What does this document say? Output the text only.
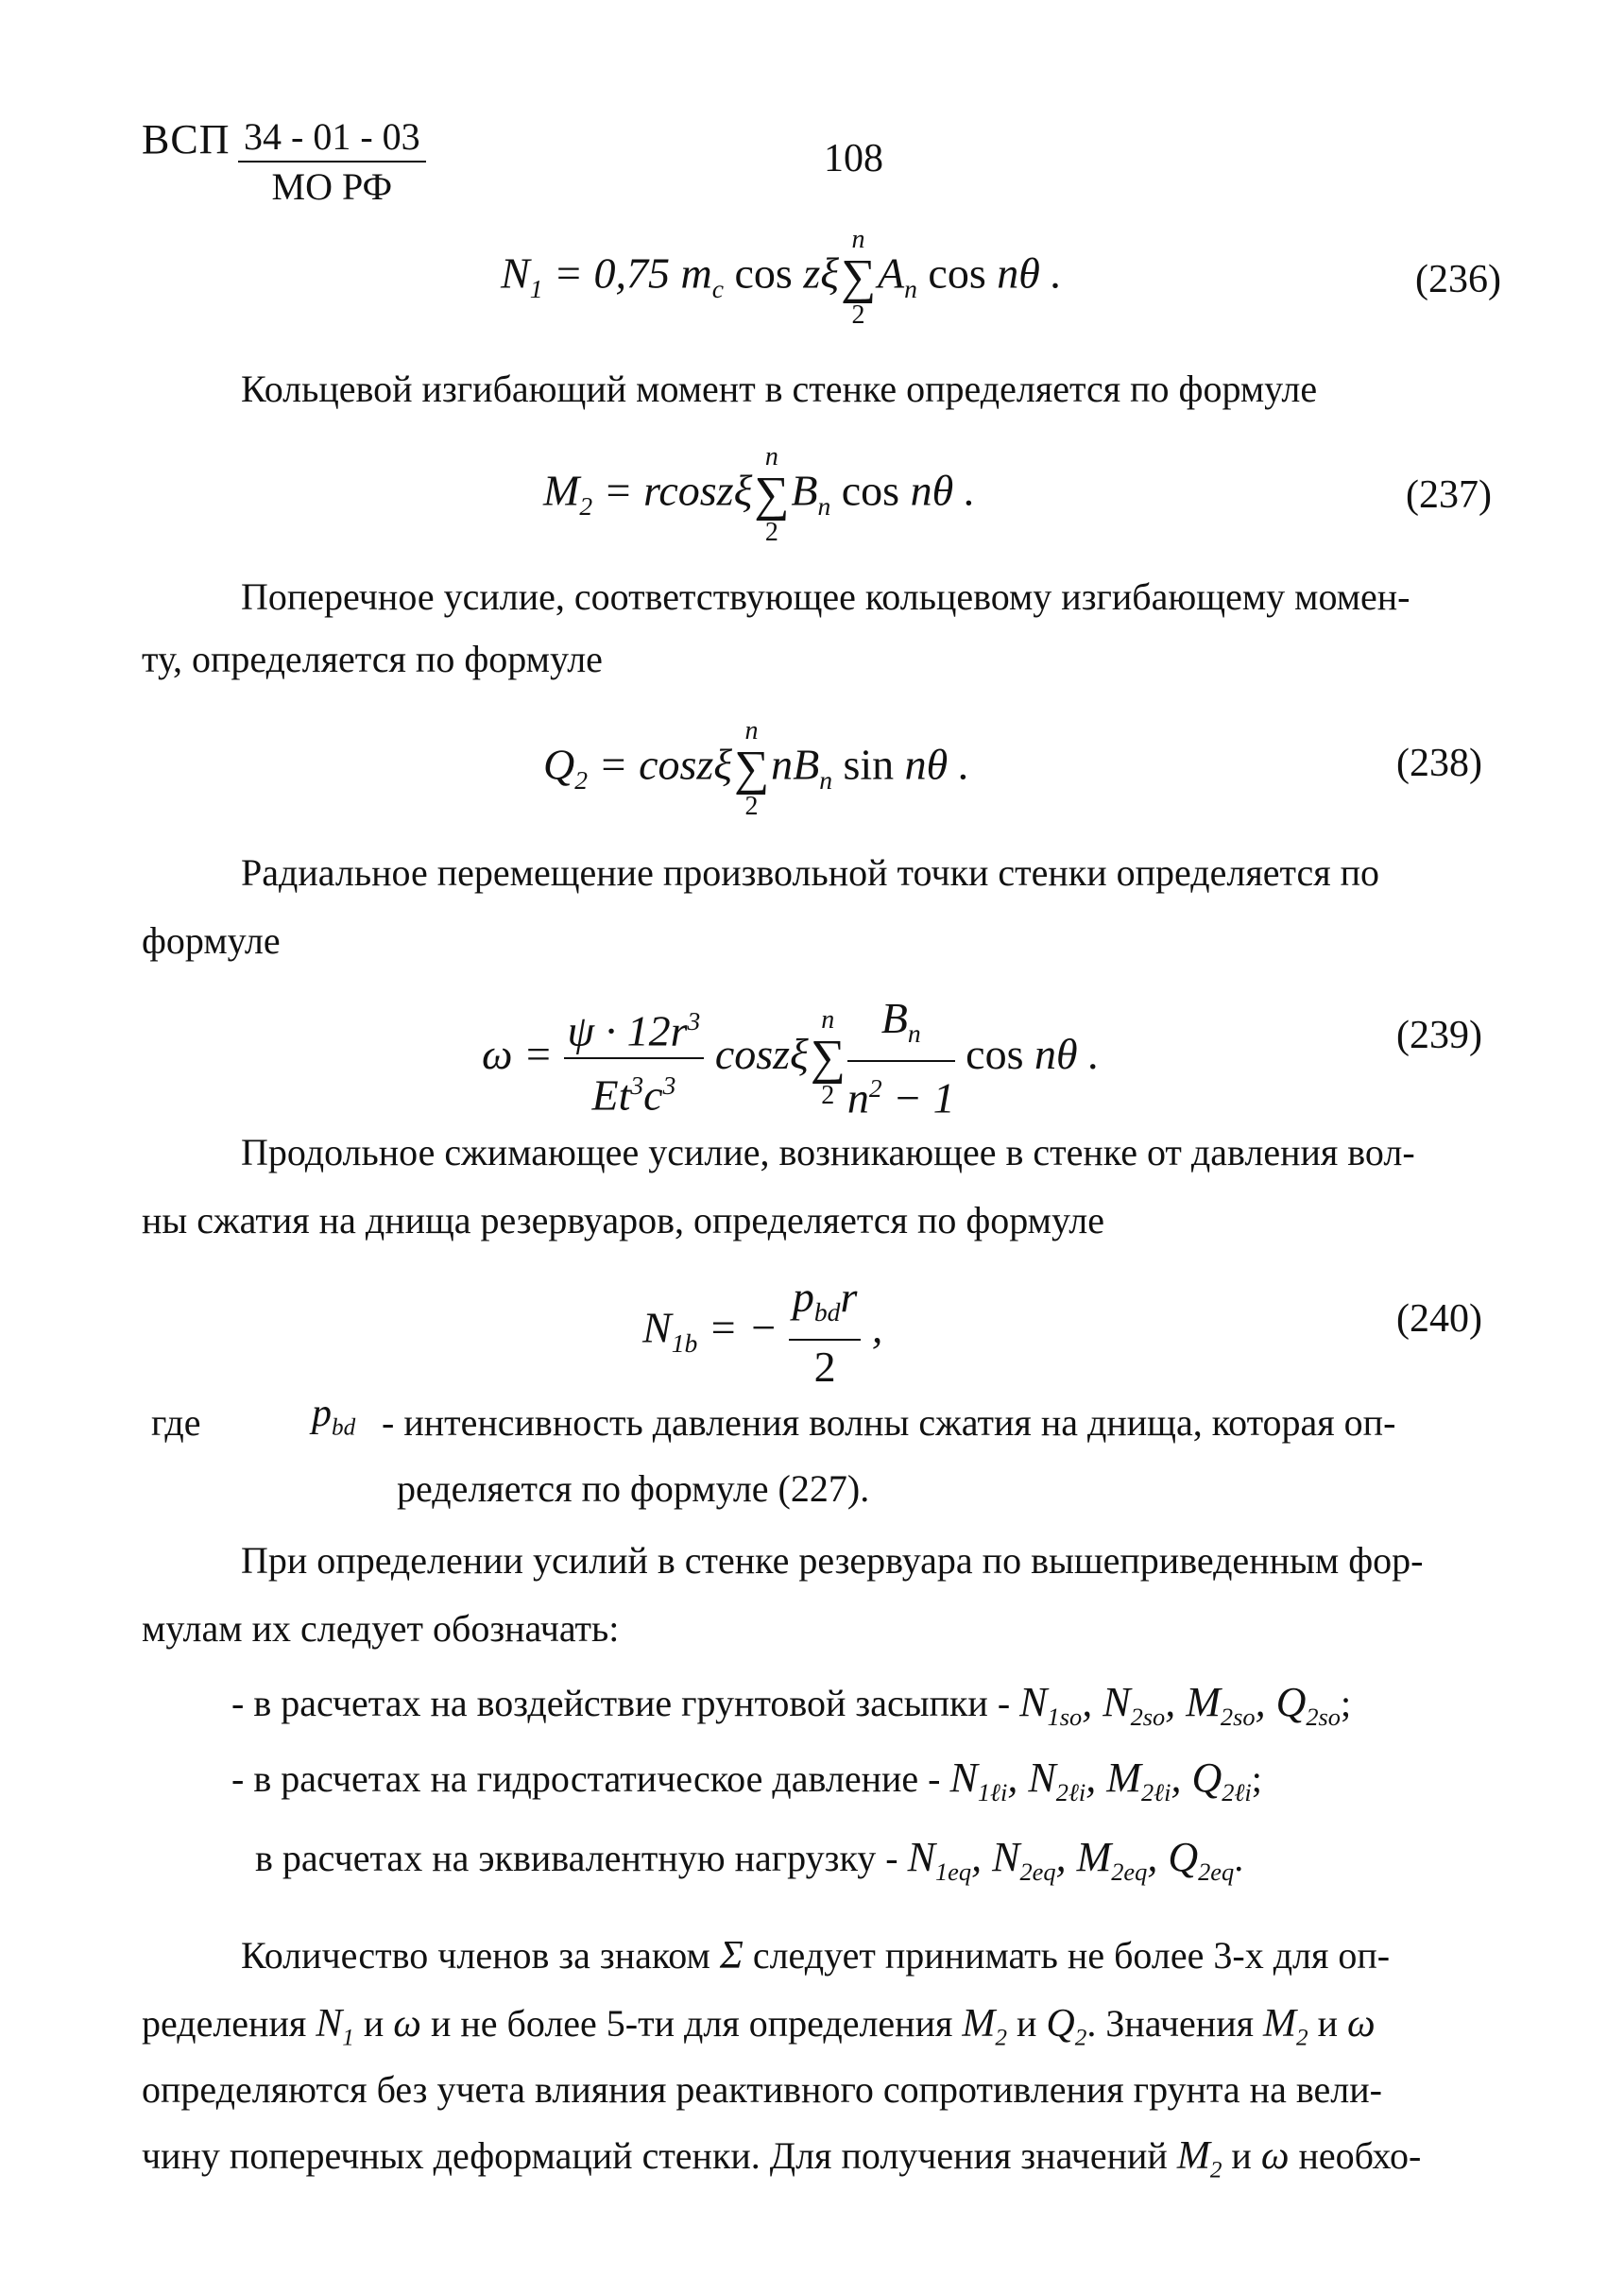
ВСП 34 - 01 - 03
МО РФ
108
$N_1 = 0,75$ $m_c$ cos zξ
n
∑
2
$A_n$ cos nθ .	(236)
Кольцевой изгибающий момент в стенке определяется по формуле
$M_2 = rcosz\xi$
n
∑
2
$B_n$ cos nθ .	(237)
Поперечное усилие, соответствующее кольцевому изгибающему момен-
ту, определяется по формуле
$Q_2 = \cos z\xi$
n
∑
2
$nB_n$ sin nθ .	(238)
Радиальное перемещение произвольной точки стенки определяется по
формуле
$\omega = \frac{\psi \cdot 12r^3}{Et^3c^3}$ coszξ
n
∑
$2 \frac{B_n}{n^2 - 1}$ cos nθ .	(239)
Продольное сжимающее усилие, возникающее в стенке от давления вол-
ны сжатия на днища резервуаров, определяется по формуле
$N_{1b}$ = −
$p_{bd}r$
2
,	(240)
где	$p_{bd}$ - интенсивность давления волны сжатия на днища, которая оп-
ределяется по формуле (227).
При определении усилий в стенке резервуара по вышеприведенным фор-
мулам их следует обозначать:
- в расчетах на воздействие грунтовой засыпки - $N_{1so}$, $N_{2so}$, $M_{2so}$, $Q_{2so}$;
- в расчетах на гидростатическое давление - $N_{1\ell i}$, $N_{2\ell i}$, $M_{2\ell i}$, $Q_{2\ell i}$;
в расчетах на эквивалентную нагрузку - $N_{1eq}$, $N_{2eq}$, $M_{2eq}$, $Q_{2eq}$.
Количество членов за знаком Σ следует принимать не более 3-х для оп-
ределения $N_1$ и ω и не более 5-ти для определения $M_2$ и $Q_2$. Значения $M_2$ и ω
определяются без учета влияния реактивного сопротивления грунта на вели-
чину поперечных деформаций стенки. Для получения значений $M_2$ и ω необхо-
